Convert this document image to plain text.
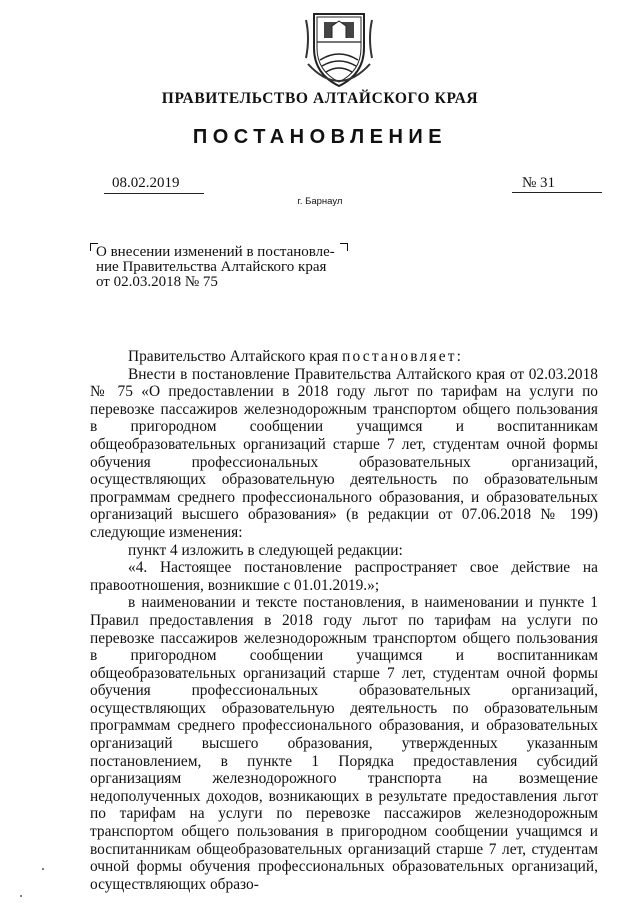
ПРАВИТЕЛЬСТВО АЛТАЙСКОГО КРАЯ
ПОСТАНОВЛЕНИЕ
08.02.2019	№ 31
г. Барнаул
О внесении изменений в постановле-
ние Правительства Алтайского края
от 02.03.2018 № 75

Правительство Алтайского края постановляет:

Внести в постановление Правительства Алтайского края от 02.03.2018 № 75 «О предоставлении в 2018 году льгот по тарифам на услуги по перевозке пассажиров железнодорожным транспортом общего пользования в пригородном сообщении учащимся и воспитанникам общеобразовательных организаций старше 7 лет, студентам очной формы обучения профессиональных образовательных организаций, осуществляющих образовательную деятельность по образовательным программам среднего профессионального образования, и образовательных организаций высшего образования» (в редакции от 07.06.2018 № 199) следующие изменения:

пункт 4 изложить в следующей редакции:

«4. Настоящее постановление распространяет свое действие на правоотношения, возникшие с 01.01.2019.»;

в наименовании и тексте постановления, в наименовании и пункте 1 Правил предоставления в 2018 году льгот по тарифам на услуги по перевозке пассажиров железнодорожным транспортом общего пользования в пригородном сообщении учащимся и воспитанникам общеобразовательных организаций старше 7 лет, студентам очной формы обучения профессиональных образовательных организаций, осуществляющих образовательную деятельность по образовательным программам среднего профессионального образования, и образовательных организаций высшего образования, утвержденных указанным постановлением, в пункте 1 Порядка предоставления субсидий организациям железнодорожного транспорта на возмещение недополученных доходов, возникающих в результате предоставления льгот по тарифам на услуги по перевозке пассажиров железнодорожным транспортом общего пользования в пригородном сообщении учащимся и воспитанникам общеобразовательных организаций старше 7 лет, студентам очной формы обучения профессиональных образовательных организаций, осуществляющих образо-
